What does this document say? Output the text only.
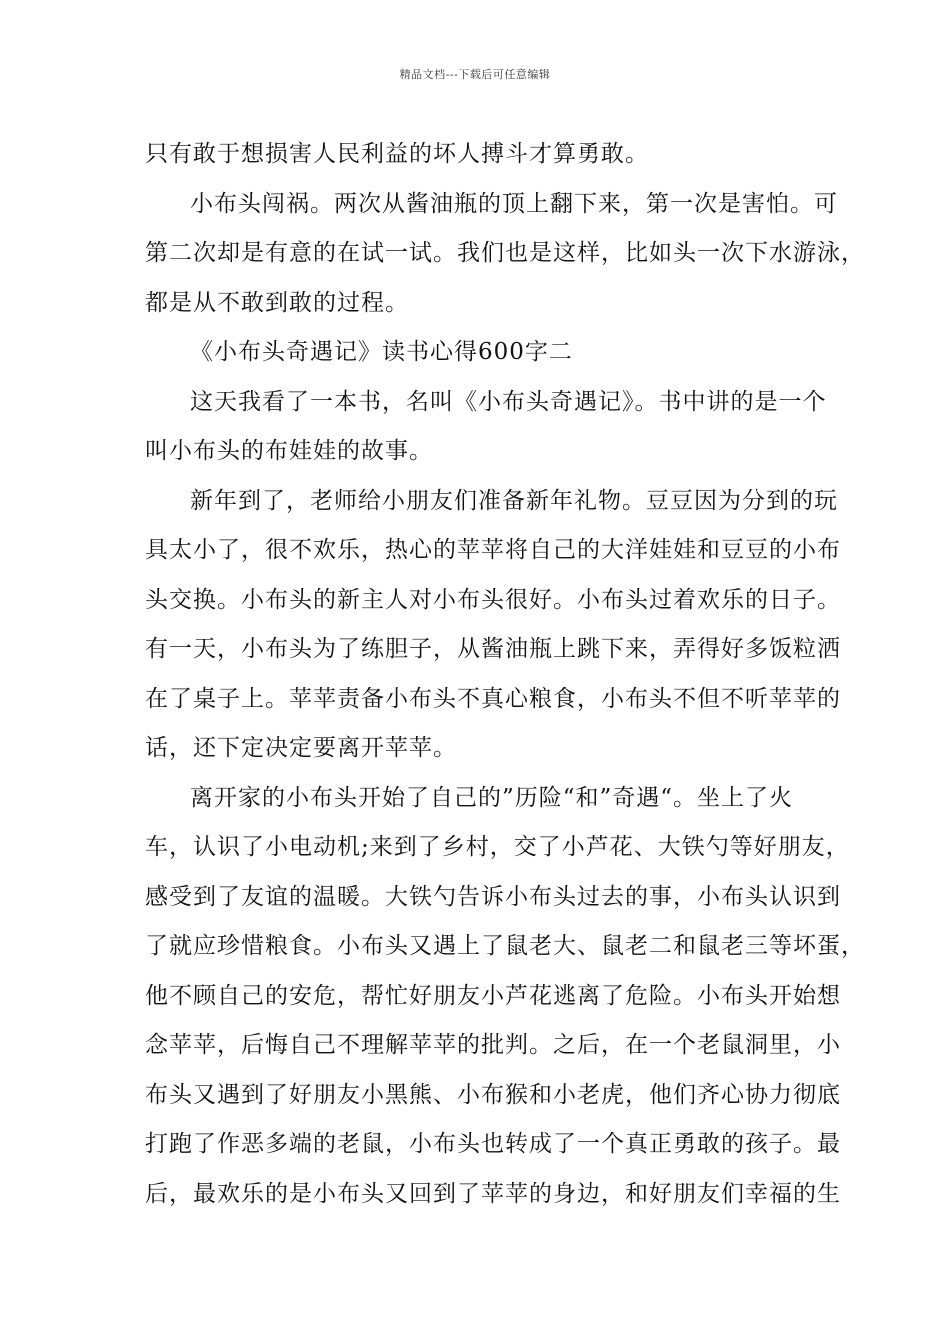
精品文档---下载后可任意编辑
只有敢于想损害人民利益的坏人搏斗才算勇敢。
小布头闯祸。两次从酱油瓶的顶上翻下来，第一次是害怕。可
第二次却是有意的在试一试。我们也是这样，比如头一次下水游泳，
都是从不敢到敢的过程。
《小布头奇遇记》读书心得600字二
这天我看了一本书，名叫《小布头奇遇记》。书中讲的是一个
叫小布头的布娃娃的故事。
新年到了，老师给小朋友们准备新年礼物。豆豆因为分到的玩
具太小了，很不欢乐，热心的苹苹将自己的大洋娃娃和豆豆的小布
头交换。小布头的新主人对小布头很好。小布头过着欢乐的日子。
有一天，小布头为了练胆子，从酱油瓶上跳下来，弄得好多饭粒洒
在了桌子上。苹苹责备小布头不真心粮食，小布头不但不听苹苹的
话，还下定决定要离开苹苹。
离开家的小布头开始了自己的”历险“和”奇遇“。坐上了火
车，认识了小电动机;来到了乡村，交了小芦花、大铁勺等好朋友，
感受到了友谊的温暖。大铁勺告诉小布头过去的事，小布头认识到
了就应珍惜粮食。小布头又遇上了鼠老大、鼠老二和鼠老三等坏蛋，
他不顾自己的安危，帮忙好朋友小芦花逃离了危险。小布头开始想
念苹苹，后悔自己不理解苹苹的批判。之后，在一个老鼠洞里，小
布头又遇到了好朋友小黑熊、小布猴和小老虎，他们齐心协力彻底
打跑了作恶多端的老鼠，小布头也转成了一个真正勇敢的孩子。最
后，最欢乐的是小布头又回到了苹苹的身边，和好朋友们幸福的生
